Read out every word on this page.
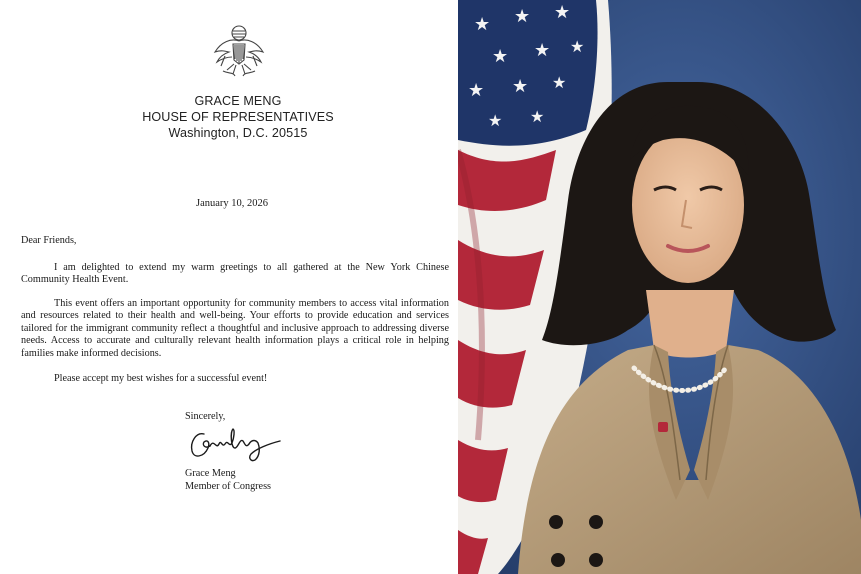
GRACE MENG
HOUSE OF REPRESENTATIVES
Washington, D.C. 20515
January 10, 2026
Dear Friends,

I am delighted to extend my warm greetings to all gathered at the New York Chinese Community Health Event.

This event offers an important opportunity for community members to access vital information and resources related to their health and well-being. Your efforts to provide education and services tailored for the immigrant community reflect a thoughtful and inclusive approach to addressing diverse needs. Access to accurate and culturally relevant health information plays a critical role in helping families make informed decisions.

Please accept my best wishes for a successful event!

Sincerely,
Grace Meng
Member of Congress
★ ★ ★
★ ★ ★
★ ★ ★
★ ★
